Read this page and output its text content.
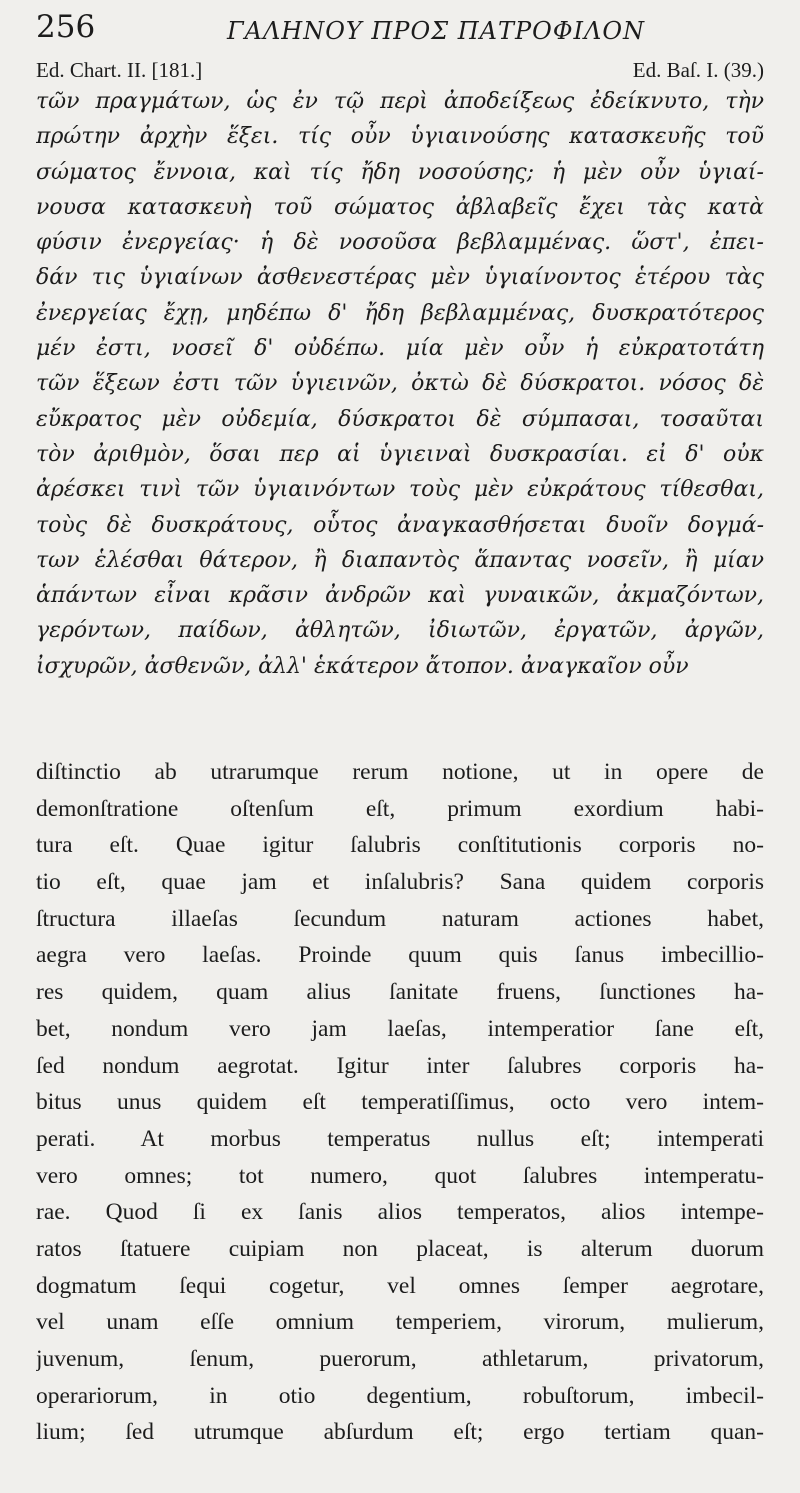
256	ΓΑΛΗΝΟΥ ΠΡΟΣ ΠΑΤΡΟΦΙΛΟΝ
Ed. Chart. II. [181.]	Ed. Baſ. I. (39.)
τῶν πραγμάτων, ὡς ἐν τῷ περὶ ἀποδείξεως ἐδείκνυτο, τὴν
πρώτην ἀρχὴν ἕξει. τίς οὖν ὑγιαινούσης κατασκευῆς τοῦ
σώματος ἔννοια, καὶ τίς ἤδη νοσούσης; ἡ μὲν οὖν ὑγιαί-
νουσα κατασκευὴ τοῦ σώματος ἀβλαβεῖς ἔχει τὰς κατὰ
φύσιν ἐνεργείας· ἡ δὲ νοσοῦσα βεβλαμμένας. ὥστ', ἐπει-
δάν τις ὑγιαίνων ἀσθενεστέρας μὲν ὑγιαίνοντος ἑτέρου τὰς
ἐνεργείας ἔχῃ, μηδέπω δ' ἤδη βεβλαμμένας, δυσκρατότερος
μέν ἐστι, νοσεῖ δ' οὐδέπω. μία μὲν οὖν ἡ εὐκρατοτάτη
τῶν ἕξεων ἐστι τῶν ὑγιεινῶν, ὀκτὼ δὲ δύσκρατοι. νόσος δὲ
εὔκρατος μὲν οὐδεμία, δύσκρατοι δὲ σύμπασαι, τοσαῦται
τὸν ἀριθμὸν, ὅσαι περ αἱ ὑγιειναὶ δυσκρασίαι. εἰ δ' οὐκ
ἀρέσκει τινὶ τῶν ὑγιαινόντων τοὺς μὲν εὐκράτους τίθεσθαι,
τοὺς δὲ δυσκράτους, οὗτος ἀναγκασθήσεται δυοῖν δογμά-
των ἑλέσθαι θάτερον, ἢ διαπαντὸς ἅπαντας νοσεῖν, ἢ μίαν
ἁπάντων εἶναι κρᾶσιν ἀνδρῶν καὶ γυναικῶν, ἀκμαζόντων,
γερόντων, παίδων, ἀθλητῶν, ἰδιωτῶν, ἐργατῶν, ἀργῶν,
ἰσχυρῶν, ἀσθενῶν, ἀλλ' ἑκάτερον ἄτοπον. ἀναγκαῖον οὖν
diſtinctio ab utrarumque rerum notione, ut in opere de
demonſtratione oſtenſum eſt, primum exordium habi-
tura eſt. Quae igitur ſalubris conſtitutionis corporis no-
tio eſt, quae jam et inſalubris? Sana quidem corporis
ſtructura illaeſas ſecundum naturam actiones habet,
aegra vero laeſas. Proinde quum quis ſanus imbecillio-
res quidem, quam alius ſanitate fruens, ſunctiones ha-
bet, nondum vero jam laeſas, intemperatior ſane eſt,
ſed nondum aegrotat. Igitur inter ſalubres corporis ha-
bitus unus quidem eſt temperatiſſimus, octo vero intem-
perati. At morbus temperatus nullus eſt; intemperati
vero omnes; tot numero, quot ſalubres intemperatu-
rae. Quod ſi ex ſanis alios temperatos, alios intempe-
ratos ſtatuere cuipiam non placeat, is alterum duorum
dogmatum ſequi cogetur, vel omnes ſemper aegrotare,
vel unam eſſe omnium temperiem, virorum, mulierum,
juvenum, ſenum, puerorum, athletarum, privatorum,
operariorum, in otio degentium, robuſtorum, imbecil-
lium; ſed utrumque abſurdum eſt; ergo tertiam quan-
